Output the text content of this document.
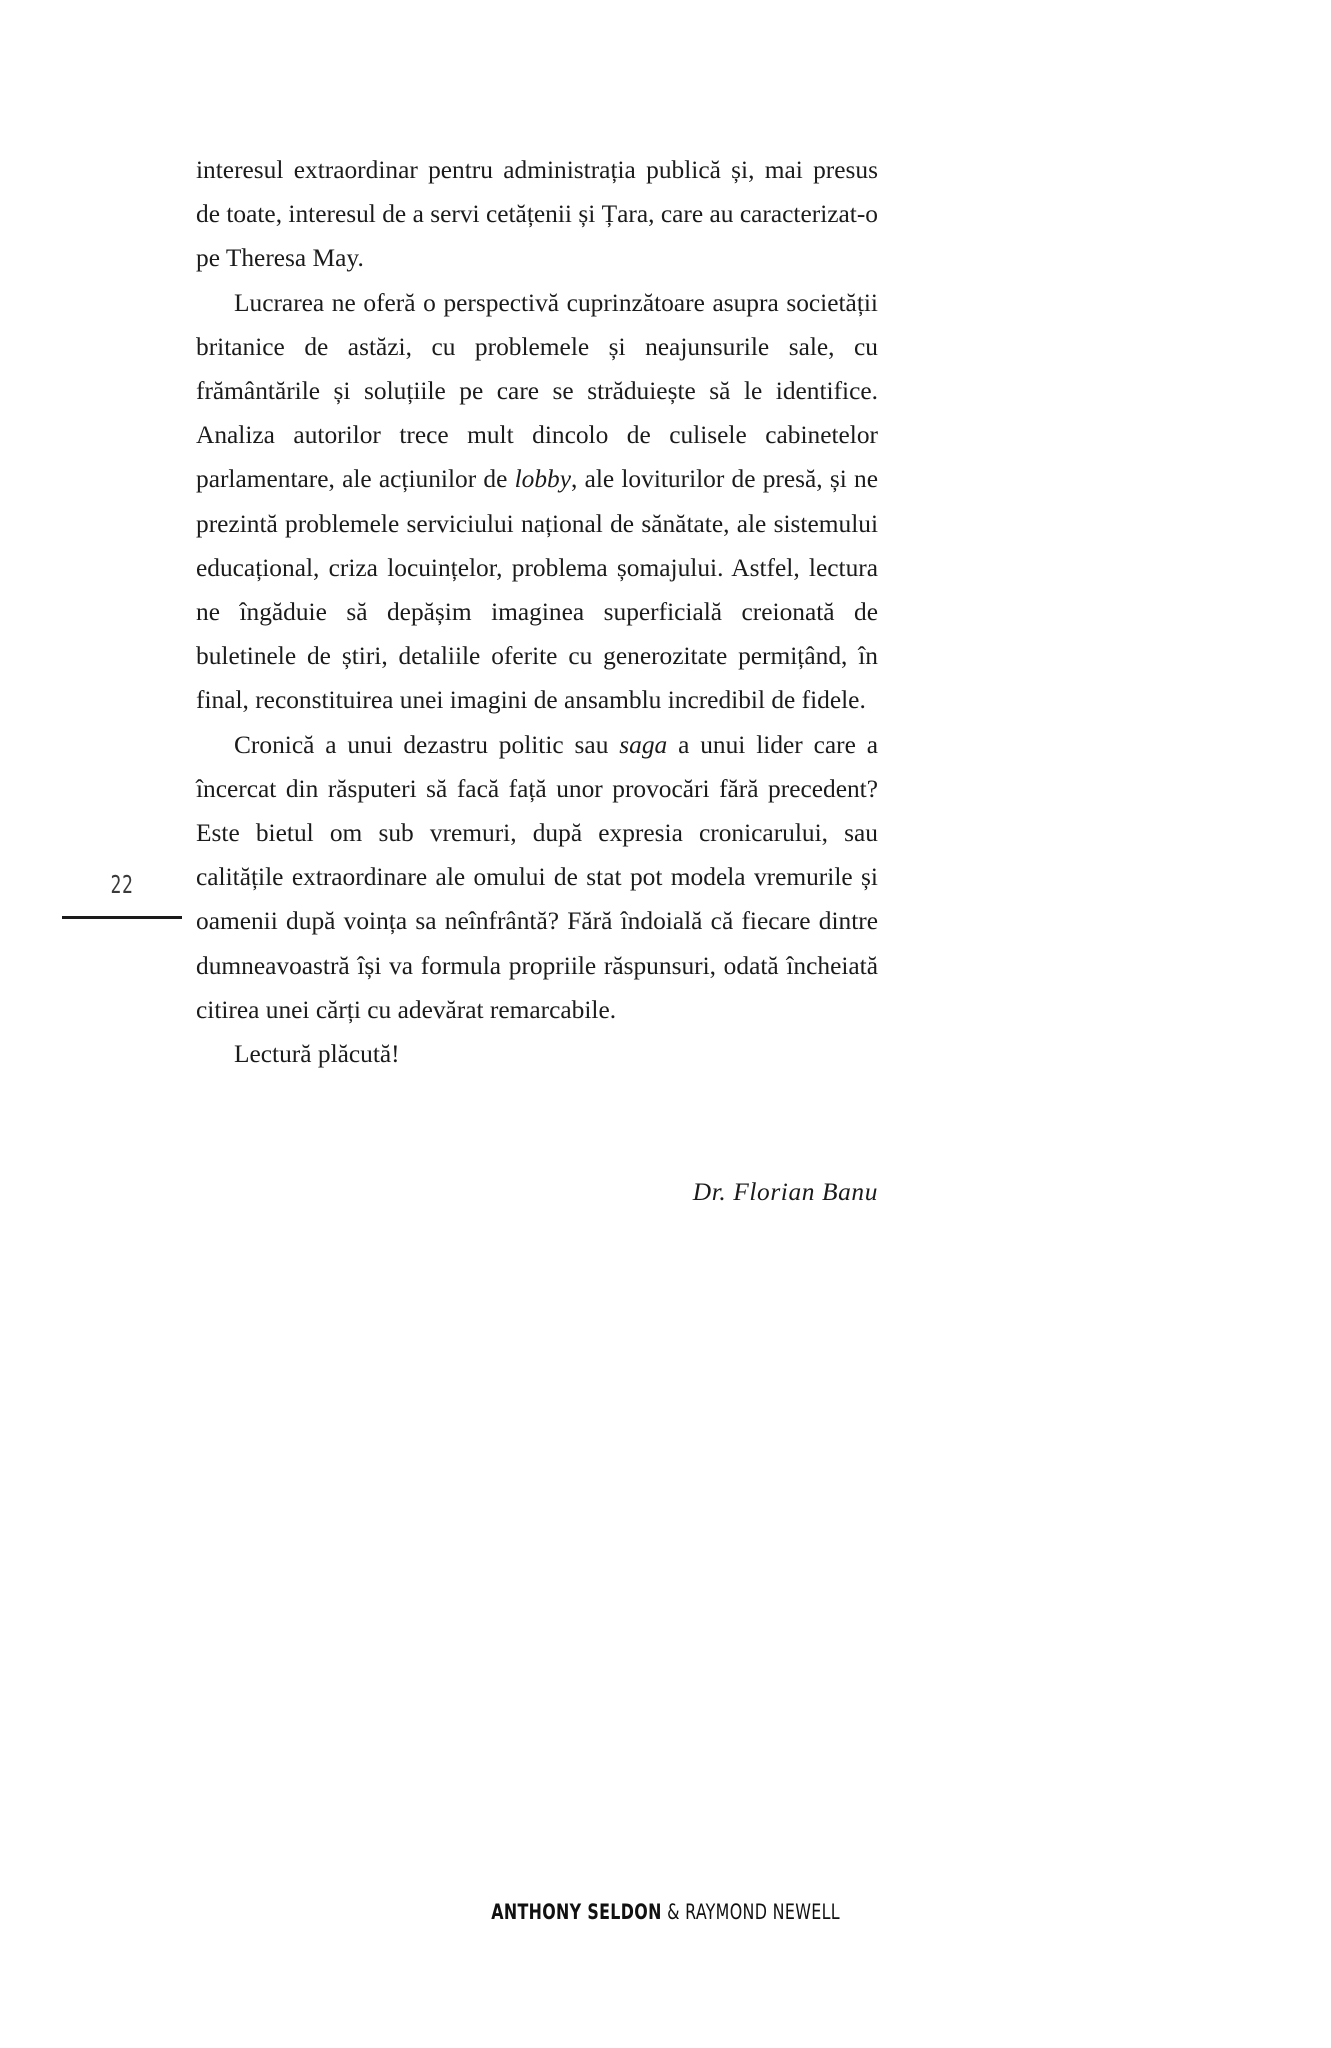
22

interesul extraordinar pentru administrația publică și, mai presus de toate, interesul de a servi cetățenii și Țara, care au caracterizat-o pe Theresa May.

Lucrarea ne oferă o perspectivă cuprinzătoare asupra societății britanice de astăzi, cu problemele și neajunsurile sale, cu frământările și soluțiile pe care se străduiește să le identifice. Analiza autorilor trece mult dincolo de culisele cabinetelor parlamentare, ale acțiunilor de lobby, ale loviturilor de presă, și ne prezintă problemele serviciului național de sănătate, ale sistemului educațional, criza locuințelor, problema șomajului. Astfel, lectura ne îngăduie să depășim imaginea superficială creionată de buletinele de știri, detaliile oferite cu generozitate permițând, în final, reconstituirea unei imagini de ansamblu incredibil de fidele.

Cronică a unui dezastru politic sau saga a unui lider care a încercat din răsputeri să facă față unor provocări fără precedent? Este bietul om sub vremuri, după expresia cronicarului, sau calitățile extraordinare ale omului de stat pot modela vremurile și oamenii după voința sa neînfrântă? Fără îndoială că fiecare dintre dumneavoastră își va formula propriile răspunsuri, odată încheiată citirea unei cărți cu adevărat remarcabile.

Lectură plăcută!

Dr. Florian Banu
ANTHONY SELDON & RAYMOND NEWELL
